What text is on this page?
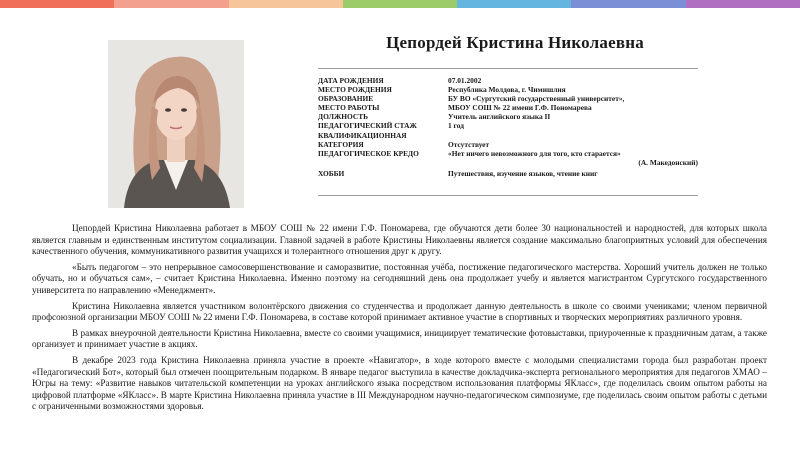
Цепордей Кристина Николаевна
ДАТА РОЖДЕНИЯ	07.01.2002
МЕСТО РОЖДЕНИЯ	Республика Молдова, г. Чимишлия
ОБРАЗОВАНИЕ	БУ ВО «Сургутский государственный университет»,
МЕСТО РАБОТЫ	МБОУ СОШ № 22 имени Г.Ф. Пономарева
ДОЛЖНОСТЬ	Учитель английского языка II
ПЕДАГОГИЧЕСКИЙ СТАЖ	1 год
КВАЛИФИКАЦИОННАЯ
КАТЕГОРИЯ	Отсутствует
ПЕДАГОГИЧЕСКОЕ КРЕДО	«Нет ничего невозможного для того, кто старается»
(А. Македонский)
ХОББИ	Путешествия, изучение языков, чтение книг

Цепордей Кристина Николаевна работает в МБОУ СОШ № 22 имени Г.Ф. Пономарева, где обучаются дети более 30 национальностей и народностей, для которых школа является главным и единственным институтом социализации. Главной задачей в работе Кристины Николаевны является создание максимально благоприятных условий для обеспечения качественного обучения, коммуникативного развития учащихся и толерантного отношения друг к другу.

«Быть педагогом – это непрерывное самосовершенствование и саморазвитие, постоянная учёба, постижение педагогического мастерства. Хороший учитель должен не только обучать, но и обучаться сам», – считает Кристина Николаевна. Именно поэтому на сегодняшний день она продолжает учебу и является магистрантом Сургутского государственного университета по направлению «Менеджмент».

Кристина Николаевна является участником волонтёрского движения со студенчества и продолжает данную деятельность в школе со своими учениками; членом первичной профсоюзной организации МБОУ СОШ № 22 имени Г.Ф. Пономарева, в составе которой принимает активное участие в спортивных и творческих мероприятиях различного уровня.

В рамках внеурочной деятельности Кристина Николаевна, вместе со своими учащимися, инициирует тематические фотовыставки, приуроченные к праздничным датам, а также организует и принимает участие в акциях.

В декабре 2023 года Кристина Николаевна приняла участие в проекте «Навигатор», в ходе которого вместе с молодыми специалистами города был разработан проект «Педагогический Бот», который был отмечен поощрительным подарком. В январе педагог выступила в качестве докладчика-эксперта регионального мероприятия для педагогов ХМАО – Югры на тему: «Развитие навыков читательской компетенции на уроках английского языка посредством использования платформы ЯКласс», где поделилась своим опытом работы на цифровой платформе «ЯКласс». В марте Кристина Николаевна приняла участие в III Международном научно-педагогическом симпозиуме, где поделилась своим опытом работы с детьми с ограниченными возможностями здоровья.
